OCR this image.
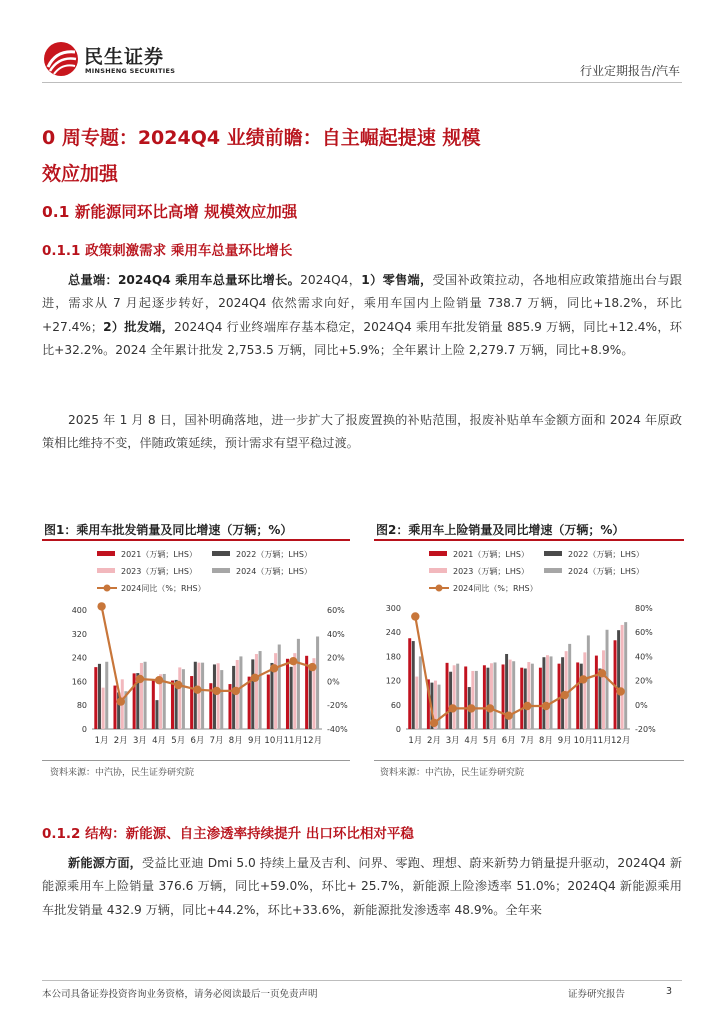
民生证券
MINSHENG SECURITIES	行业定期报告/汽车
0 周专题：2024Q4 业绩前瞻：自主崛起提速 规模
效应加强
0.1 新能源同环比高增 规模效应加强
0.1.1 政策刺激需求 乘用车总量环比增长
总量端：2024Q4 乘用车总量环比增长。2024Q4，1）零售端，受国补政策拉动，各地相应政策措施出台与跟进，需求从 7 月起逐步转好，2024Q4 依然需求向好，乘用车国内上险销量 738.7 万辆，同比+18.2%，环比+27.4%；2）批发端，2024Q4 行业终端库存基本稳定，2024Q4 乘用车批发销量 885.9 万辆，同比+12.4%，环比+32.2%。2024 全年累计批发 2,753.5 万辆，同比+5.9%；全年累计上险 2,279.7 万辆，同比+8.9%。
2025 年 1 月 8 日，国补明确落地，进一步扩大了报废置换的补贴范围，报废补贴单车金额方面和 2024 年原政策相比维持不变，伴随政策延续，预计需求有望平稳过渡。
图1：乘用车批发销量及同比增速（万辆；%）	图2：乘用车上险销量及同比增速（万辆；%）
2021（万辆；LHS）	2022（万辆；LHS）
2023（万辆；LHS）	2024（万辆；LHS）
2024同比（%；RHS）
0
80
160
240
320
400
-40%
-20%
0%
20%
40%
60%
1月 2月 3月 4月 5月 6月 7月 8月 9月 10月 11月 12月
2021（万辆；LHS）	2022（万辆；LHS）
2023（万辆；LHS）	2024（万辆；LHS）
2024同比（%；RHS）
0
60
120
180
240
300
-20%
0%
20%
40%
60%
80%
1月 2月 3月 4月 5月 6月 7月 8月 9月 10月 11月 12月
资料来源：中汽协，民生证券研究院	资料来源：中汽协，民生证券研究院
0.1.2 结构：新能源、自主渗透率持续提升 出口环比相对平稳
新能源方面，受益比亚迪 Dmi 5.0 持续上量及吉利、问界、零跑、理想、蔚来新势力销量提升驱动，2024Q4 新能源乘用车上险销量 376.6 万辆，同比+59.0%，环比+ 25.7%，新能源上险渗透率 51.0%；2024Q4 新能源乘用车批发销量 432.9 万辆，同比+44.2%，环比+33.6%，新能源批发渗透率 48.9%。全年来
本公司具备证券投资咨询业务资格，请务必阅读最后一页免责声明	证券研究报告	3
